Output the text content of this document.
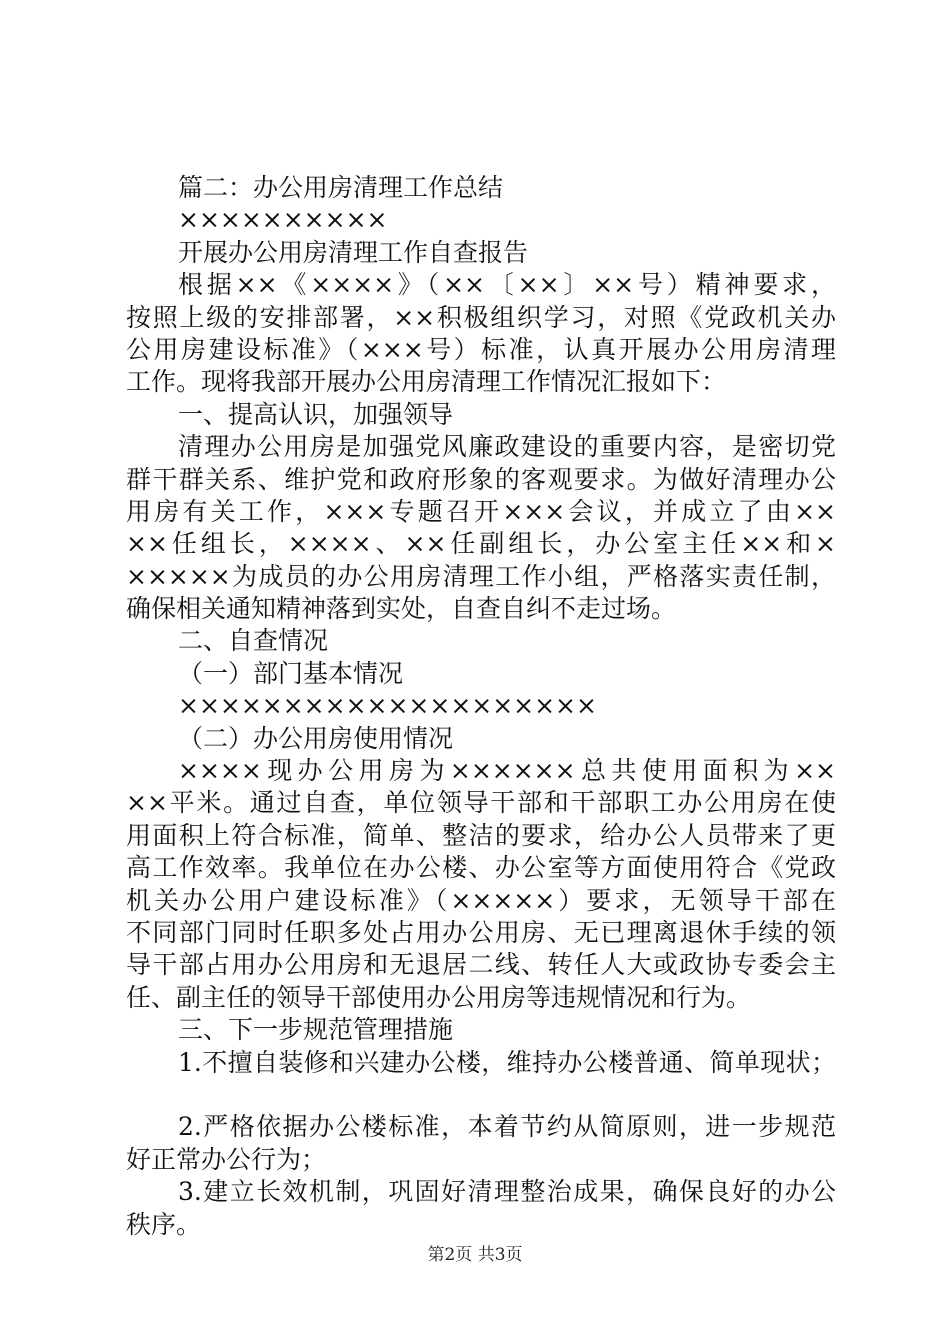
篇二：办公用房清理工作总结
××××××××××
开展办公用房清理工作自查报告
根据××《××××》（××〔××〕××号）精神要求，
按照上级的安排部署，××积极组织学习，对照《党政机关办
公用房建设标准》（×××号）标准，认真开展办公用房清理
工作。现将我部开展办公用房清理工作情况汇报如下：
一、提高认识，加强领导
清理办公用房是加强党风廉政建设的重要内容，是密切党
群干群关系、维护党和政府形象的客观要求。为做好清理办公
用房有关工作，×××专题召开×××会议，并成立了由××
××任组长，××××、××任副组长，办公室主任××和×
×××××为成员的办公用房清理工作小组，严格落实责任制，
确保相关通知精神落到实处，自查自纠不走过场。
二、自查情况
（一）部门基本情况
××××××××××××××××××××
（二）办公用房使用情况
××××现办公用房为××××××总共使用面积为××
××平米。通过自查，单位领导干部和干部职工办公用房在使
用面积上符合标准，简单、整洁的要求，给办公人员带来了更
高工作效率。我单位在办公楼、办公室等方面使用符合《党政
机关办公用户建设标准》（×××××）要求，无领导干部在
不同部门同时任职多处占用办公用房、无已理离退休手续的领
导干部占用办公用房和无退居二线、转任人大或政协专委会主
任、副主任的领导干部使用办公用房等违规情况和行为。
三、下一步规范管理措施
1.不擅自装修和兴建办公楼，维持办公楼普通、简单现状；
2.严格依据办公楼标准，本着节约从简原则，进一步规范
好正常办公行为；
3.建立长效机制，巩固好清理整治成果，确保良好的办公
秩序。
第2页 共3页
